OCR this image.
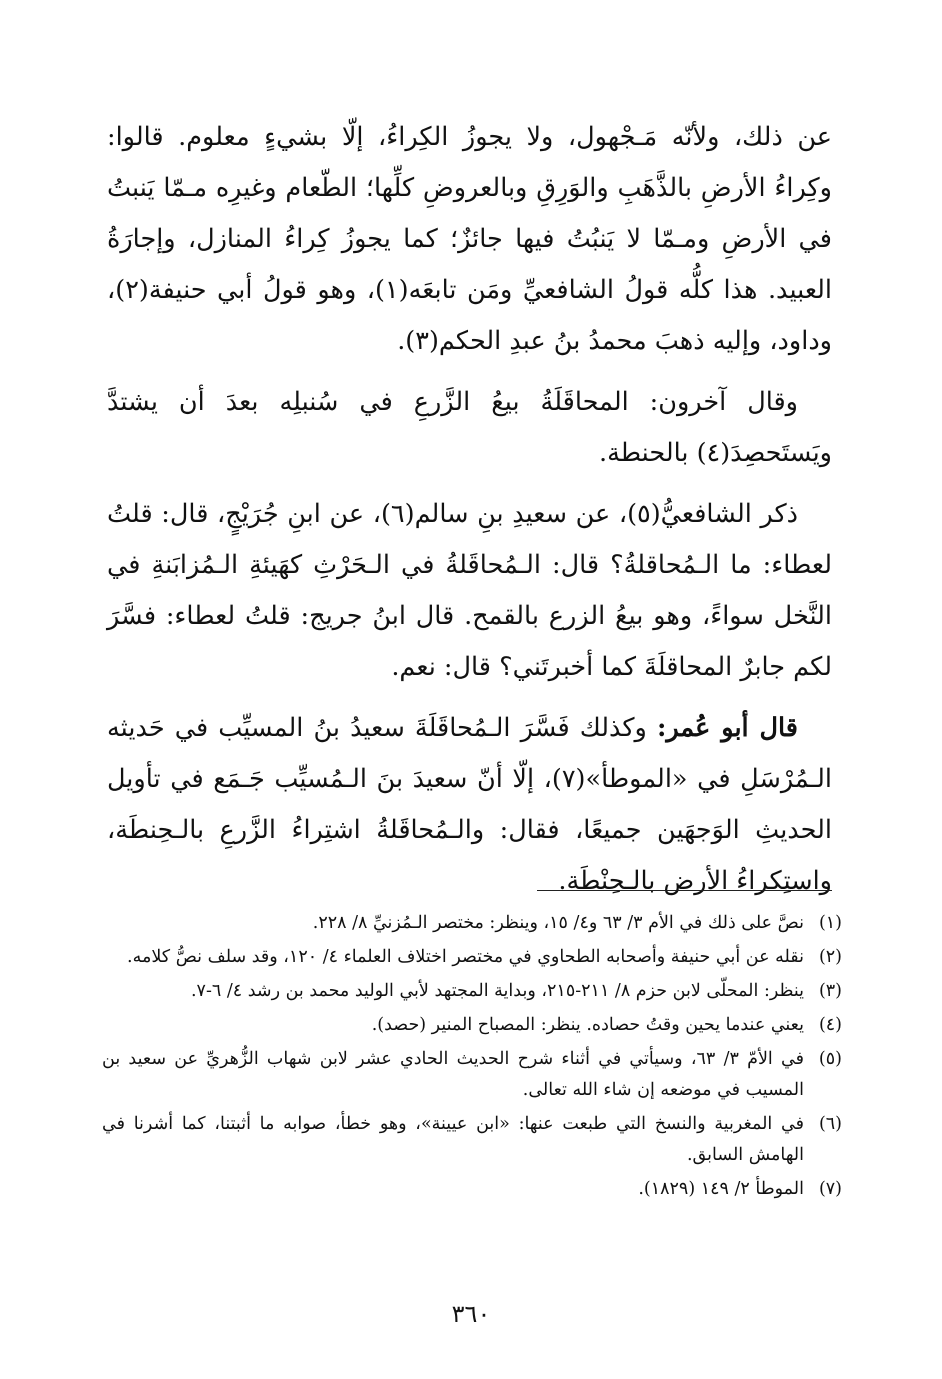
عن ذلك، ولأنّه مَـجْهول، ولا يجوزُ الكِراءُ، إلّا بشيءٍ معلوم. قالوا: وكِراءُ الأرضِ بالذَّهَبِ والوَرِقِ وبالعروضِ كلِّها؛ الطّعام وغيرِه مـمّا يَنبتُ في الأرضِ ومـمّا لا يَنبُتُ فيها جائزٌ؛ كما يجوزُ كِراءُ المنازل، وإجارَةُ العبيد. هذا كلُّه قولُ الشافعيِّ ومَن تابعَه(١)، وهو قولُ أبي حنيفة(٢)، وداود، وإليه ذهبَ محمدُ بنُ عبدِ الحكم(٣).

وقال آخرون: المحاقَلَةُ بيعُ الزَّرعِ في سُنبلِه بعدَ أن يشتدَّ ويَستَحصِدَ(٤) بالحنطة.

ذكر الشافعيُّ(٥)، عن سعيدِ بنِ سالم(٦)، عن ابنِ جُرَيْجٍ، قال: قلتُ لعطاء: ما الـمُحاقلةُ؟ قال: الـمُحاقَلةُ في الـحَرْثِ كهَيئةِ الـمُزابَنةِ في النَّخل سواءً، وهو بيعُ الزرع بالقمح. قال ابنُ جريج: قلتُ لعطاء: فسَّرَ لكم جابرٌ المحاقلَةَ كما أخبرتَني؟ قال: نعم.

قال أبو عُمر: وكذلك فَسَّرَ الـمُحاقَلَةَ سعيدُ بنُ المسيِّب في حَديثه الـمُرْسَلِ في «الموطأ»(٧)، إلّا أنّ سعيدَ بنَ الـمُسيِّب جَـمَع في تأويل الحديثِ الوَجهَين جميعًا، فقال: والـمُحاقَلةُ اشتِراءُ الزَّرعِ بالـحِنطَة، واستِكراءُ الأرض بالـحِنْطَة.

(١)نصَّ على ذلك في الأم ٣/ ٦٣ و٤/ ١٥، وينظر: مختصر الـمُزنيِّ ٨/ ٢٢٨.

(٢)نقله عن أبي حنيفة وأصحابه الطحاوي في مختصر اختلاف العلماء ٤/ ١٢٠، وقد سلف نصُّ كلامه.

(٣)ينظر: المحلّى لابن حزم ٨/ ٢١١-٢١٥، وبداية المجتهد لأبي الوليد محمد بن رشد ٤/ ٦-٧.

(٤)يعني عندما يحين وقتُ حصاده. ينظر: المصباح المنير (حصد).

(٥)في الأمّ ٣/ ٦٣، وسيأتي في أثناء شرح الحديث الحادي عشر لابن شهاب الزُّهريِّ عن سعيد بن المسيب في موضعه إن شاء الله تعالى.

(٦)في المغربية والنسخ التي طبعت عنها: «ابن عيينة»، وهو خطأ، صوابه ما أثبتنا، كما أشرنا في الهامش السابق.

(٧)الموطأ ٢/ ١٤٩ (١٨٢٩).

٣٦٠
